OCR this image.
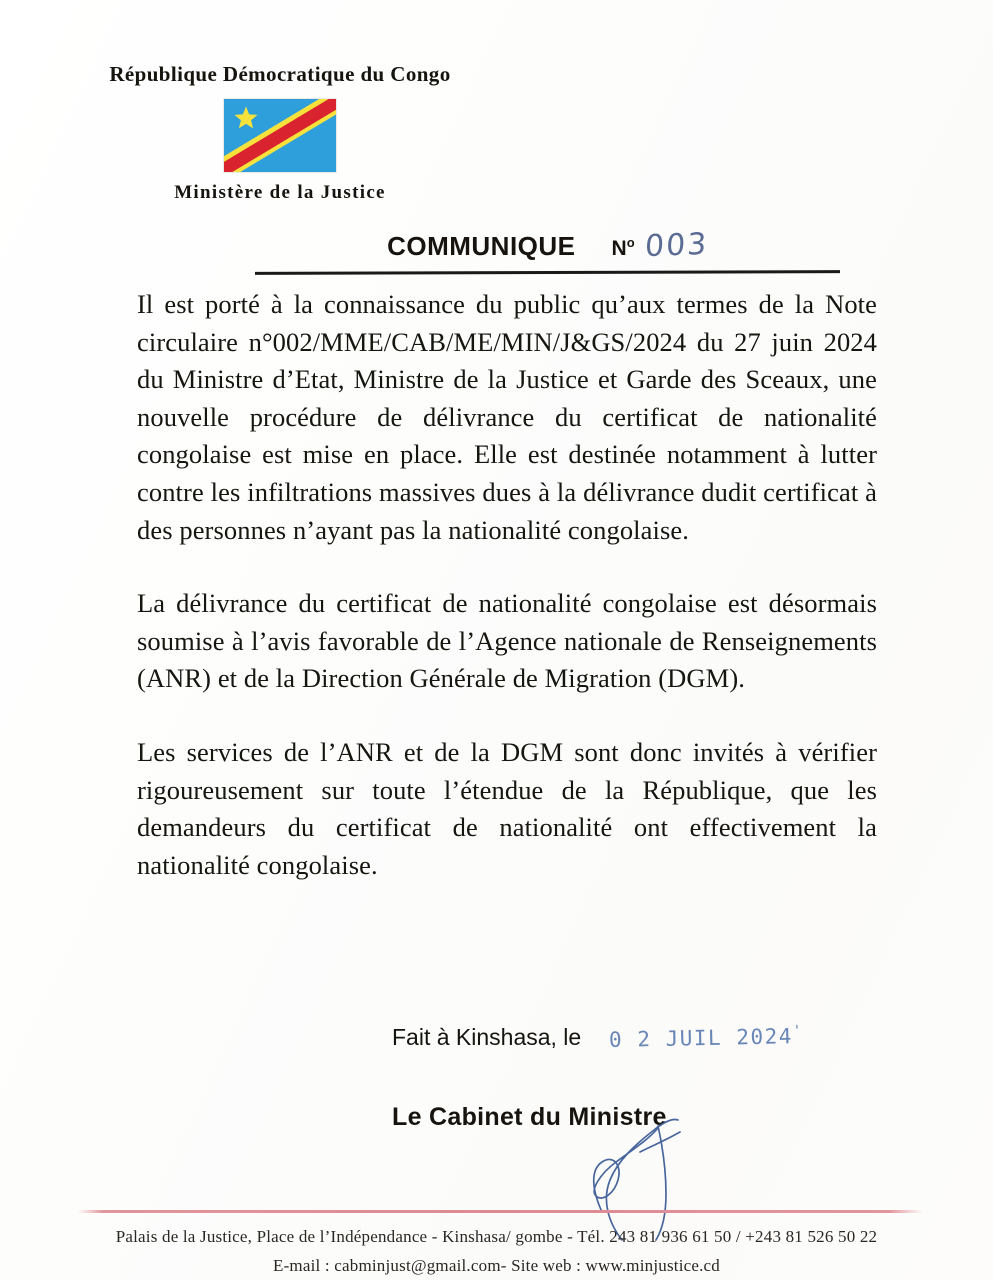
République Démocratique du Congo
Ministère de la Justice
COMMUNIQUE $N^o$ 003

Il est porté à la connaissance du public qu’aux termes de la Note circulaire n°002/MME/CAB/ME/MIN/J&GS/2024 du 27 juin 2024 du Ministre d’Etat, Ministre de la Justice et Garde des Sceaux, une nouvelle procédure de délivrance du certificat de nationalité congolaise est mise en place. Elle est destinée notamment à lutter contre les infiltrations massives dues à la délivrance dudit certificat à des personnes n’ayant pas la nationalité congolaise.

La délivrance du certificat de nationalité congolaise est désormais soumise à l’avis favorable de l’Agence nationale de Renseignements (ANR) et de la Direction Générale de Migration (DGM).

Les services de l’ANR et de la DGM sont donc invités à vérifier rigoureusement sur toute l’étendue de la République, que les demandeurs du certificat de nationalité ont effectivement la nationalité congolaise.

Fait à Kinshasa, le 0 2 JUIL 2024'
Le Cabinet du Ministre
Palais de la Justice, Place de l’Indépendance - Kinshasa/ gombe - Tél. 243 81 936 61 50 / +243 81 526 50 22
E-mail : cabminjust@gmail.com- Site web : www.minjustice.cd
